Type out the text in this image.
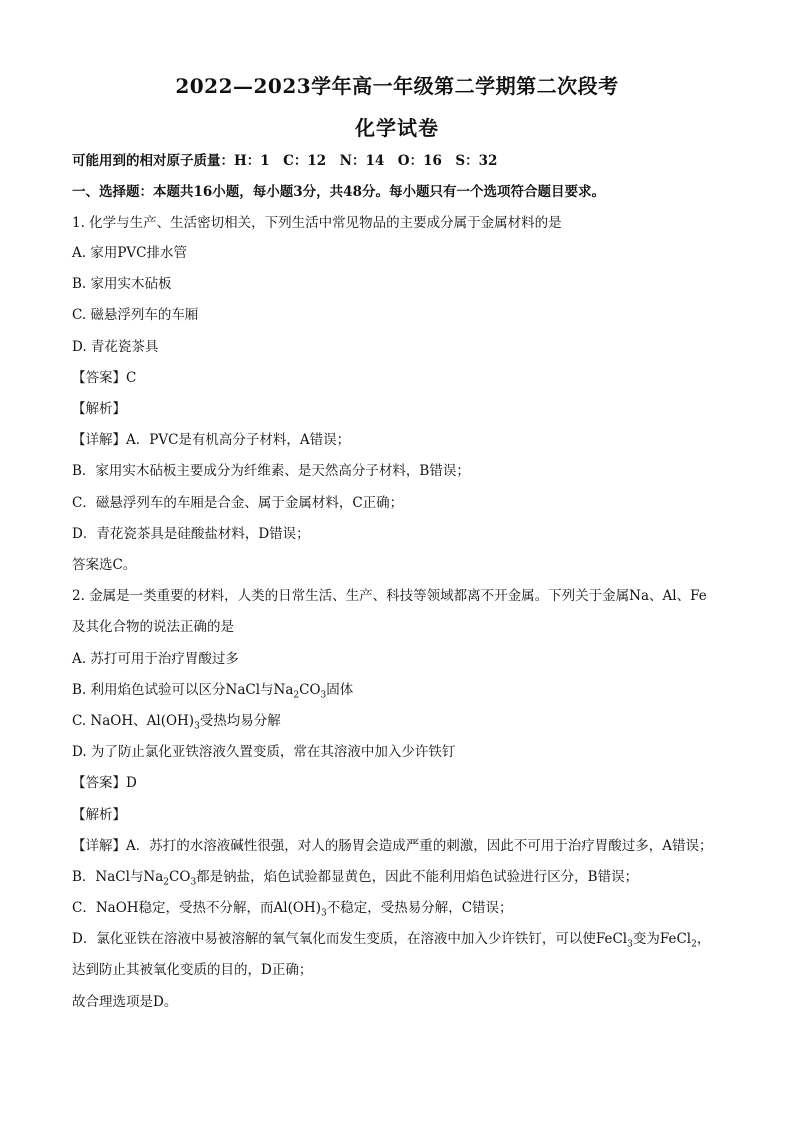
2022—2023学年高一年级第二学期第二次段考
化学试卷
可能用到的相对原子质量：H：1　C：12　N：14　O：16　S：32
一、选择题：本题共16小题，每小题3分，共48分。每小题只有一个选项符合题目要求。
1. 化学与生产、生活密切相关，下列生活中常见物品的主要成分属于金属材料的是
A. 家用PVC排水管
B. 家用实木砧板
C. 磁悬浮列车的车厢
D. 青花瓷茶具
【答案】C
【解析】
【详解】A．PVC是有机高分子材料，A错误；
B．家用实木砧板主要成分为纤维素、是天然高分子材料，B错误；
C．磁悬浮列车的车厢是合金、属于金属材料，C正确；
D．青花瓷茶具是硅酸盐材料，D错误；
答案选C。
2. 金属是一类重要的材料，人类的日常生活、生产、科技等领域都离不开金属。下列关于金属Na、Al、Fe
及其化合物的说法正确的是
A. 苏打可用于治疗胃酸过多
B. 利用焰色试验可以区分NaCl与$Na_2CO_3$固体
C. NaOH、$Al(OH)_3$受热均易分解
D. 为了防止氯化亚铁溶液久置变质，常在其溶液中加入少许铁钉
【答案】D
【解析】
【详解】A．苏打的水溶液碱性很强，对人的肠胃会造成严重的刺激，因此不可用于治疗胃酸过多，A错误；
B．NaCl与$Na_2CO_3$都是钠盐，焰色试验都显黄色，因此不能利用焰色试验进行区分，B错误；
C．NaOH稳定，受热不分解，而$Al(OH)_3$不稳定，受热易分解，C错误；
D．氯化亚铁在溶液中易被溶解的氧气氧化而发生变质，在溶液中加入少许铁钉，可以使FeCl$_3$变为FeCl$_2$，
达到防止其被氧化变质的目的，D正确；
故合理选项是D。
